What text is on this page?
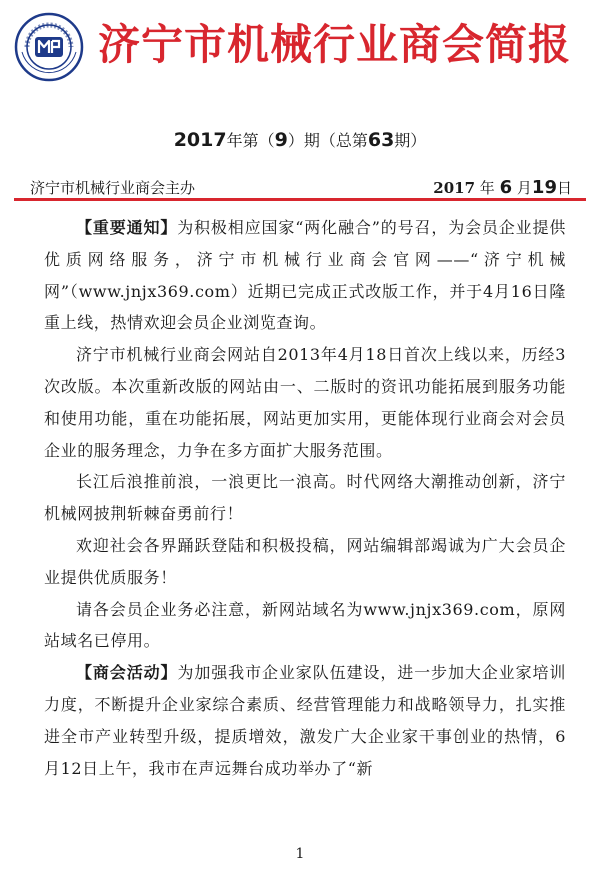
济宁市机械行业商会简报
2017年第（9）期（总第63期）
济宁市机械行业商会主办	2017 年 6 月19日

【重要通知】为积极相应国家“两化融合”的号召，为会员企业提供优质网络服务，济宁市机械行业商会官网——“济宁机械网”（www.jnjx369.com）近期已完成正式改版工作，并于4月16日隆重上线，热情欢迎会员企业浏览查询。

济宁市机械行业商会网站自2013年4月18日首次上线以来，历经3次改版。本次重新改版的网站由一、二版时的资讯功能拓展到服务功能和使用功能，重在功能拓展，网站更加实用，更能体现行业商会对会员企业的服务理念，力争在多方面扩大服务范围。

长江后浪推前浪，一浪更比一浪高。时代网络大潮推动创新，济宁机械网披荆斩棘奋勇前行！

欢迎社会各界踊跃登陆和积极投稿，网站编辑部竭诚为广大会员企业提供优质服务！

请各会员企业务必注意，新网站域名为www.jnjx369.com，原网站域名已停用。

【商会活动】为加强我市企业家队伍建设，进一步加大企业家培训力度，不断提升企业家综合素质、经营管理能力和战略领导力，扎实推进全市产业转型升级，提质增效，激发广大企业家干事创业的热情，6月12日上午，我市在声远舞台成功举办了“新

1
